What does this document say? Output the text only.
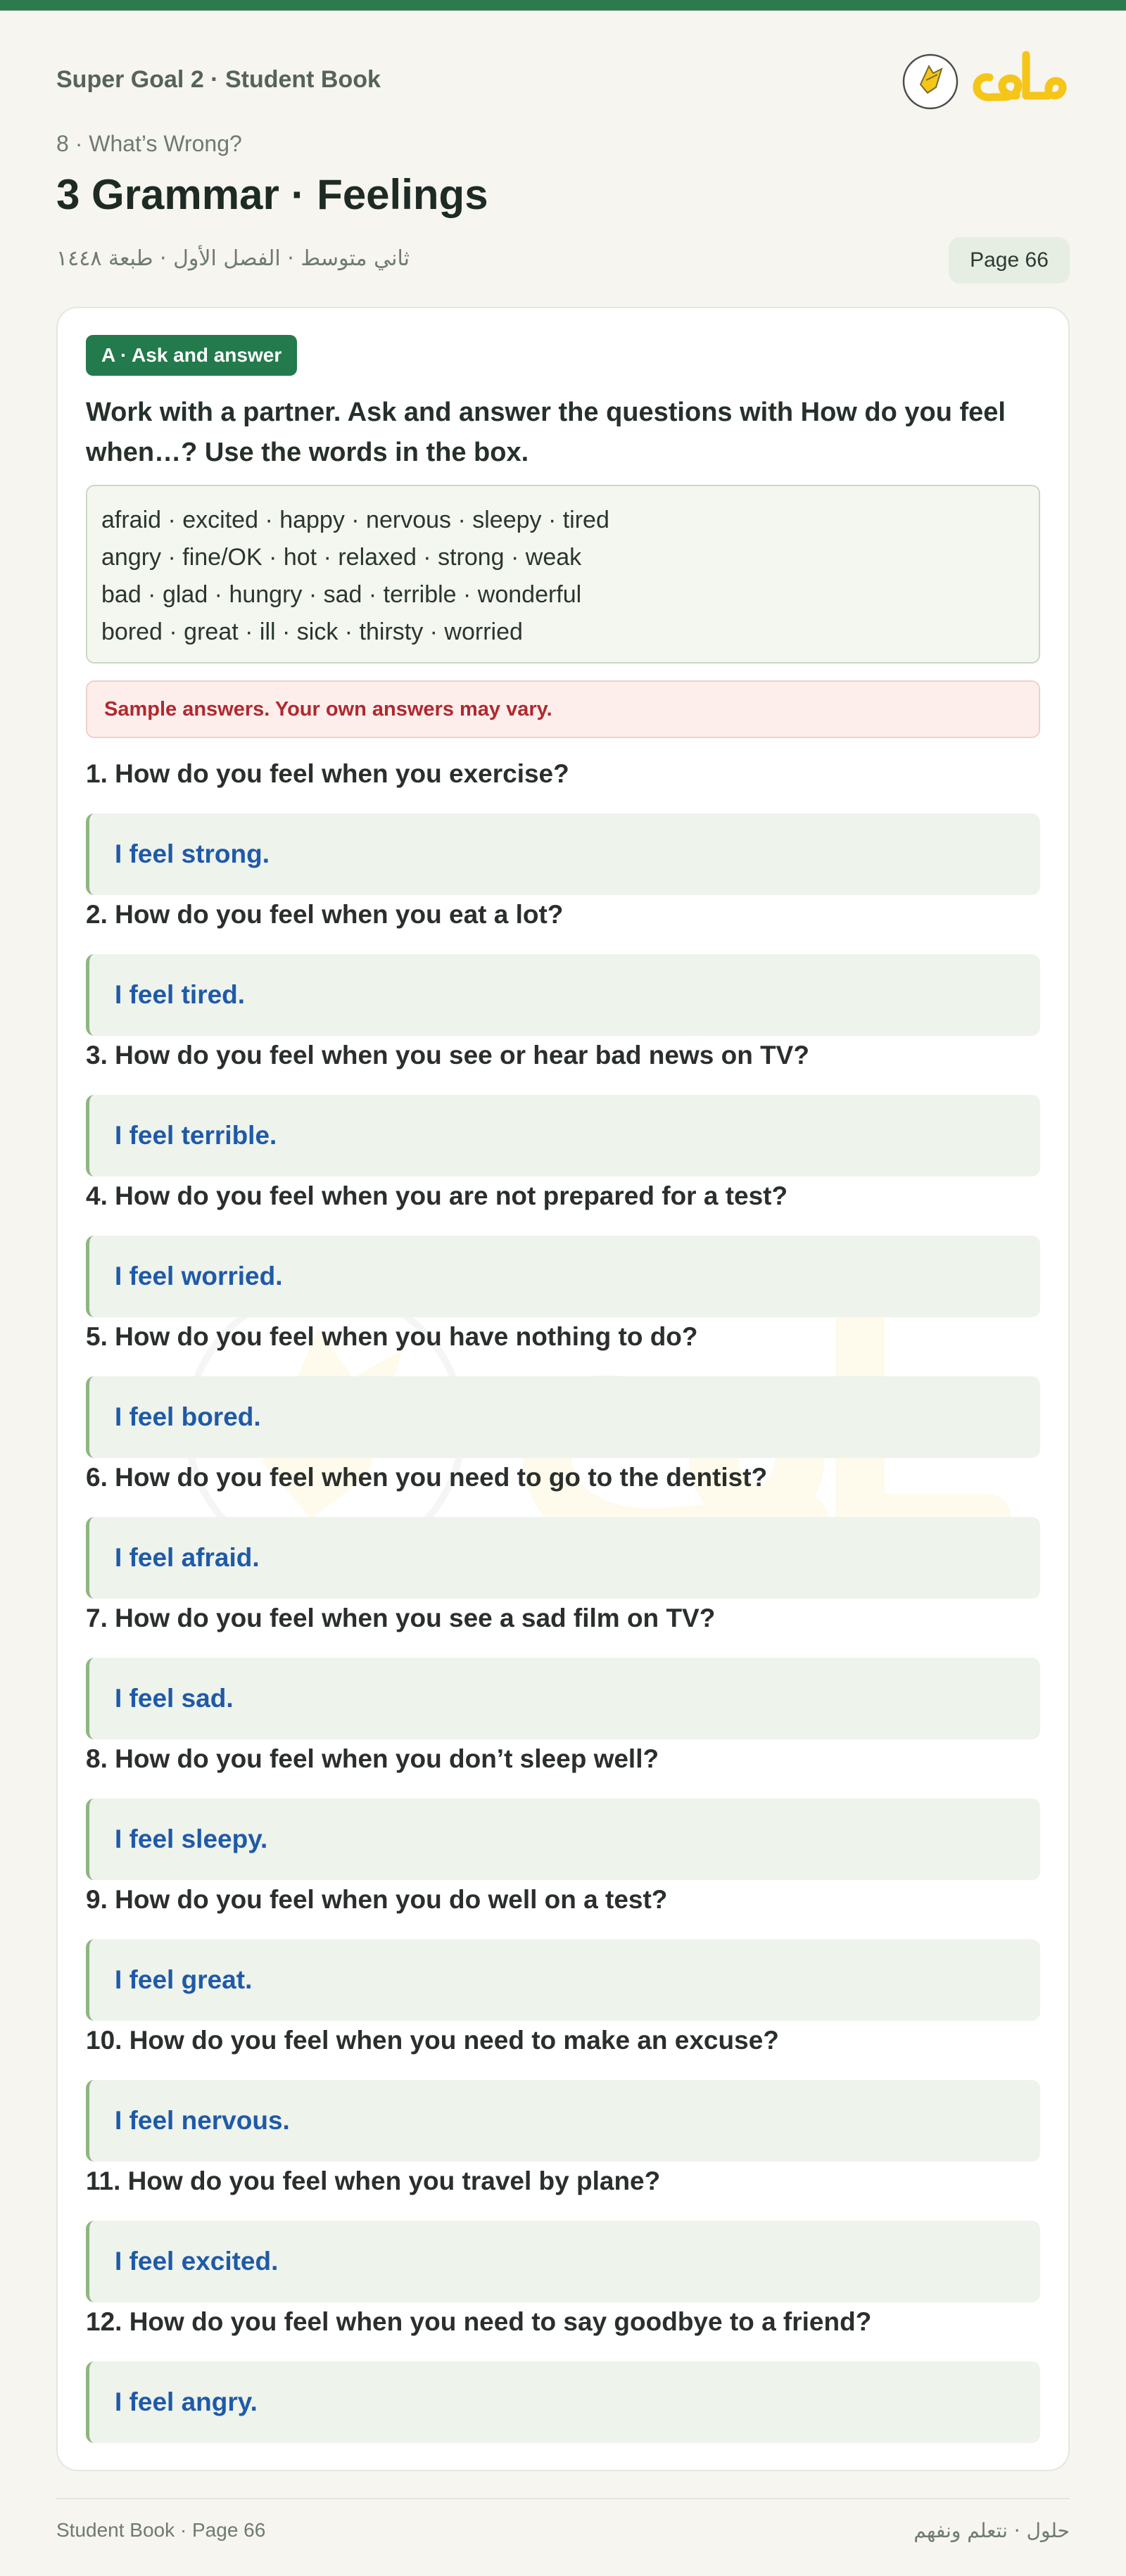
Super Goal 2 · Student Book
8 · What’s Wrong?
3 Grammar · Feelings
ثاني متوسط · الفصل الأول · طبعة ١٤٤٨	Page 66
A · Ask and answer

Work with a partner. Ask and answer the questions with How do you feel when…? Use the words in the box.

afraid · excited · happy · nervous · sleepy · tired
angry · fine/OK · hot · relaxed · strong · weak
bad · glad · hungry · sad · terrible · wonderful
bored · great · ill · sick · thirsty · worried
Sample answers. Your own answers may vary.
1. How do you feel when you exercise?
I feel strong.
2. How do you feel when you eat a lot?
I feel tired.
3. How do you feel when you see or hear bad news on TV?
I feel terrible.
4. How do you feel when you are not prepared for a test?
I feel worried.
5. How do you feel when you have nothing to do?
I feel bored.
6. How do you feel when you need to go to the dentist?
I feel afraid.
7. How do you feel when you see a sad film on TV?
I feel sad.
8. How do you feel when you don’t sleep well?
I feel sleepy.
9. How do you feel when you do well on a test?
I feel great.
10. How do you feel when you need to make an excuse?
I feel nervous.
11. How do you feel when you travel by plane?
I feel excited.
12. How do you feel when you need to say goodbye to a friend?
I feel angry.
Student Book · Page 66	حلول · نتعلم ونفهم
